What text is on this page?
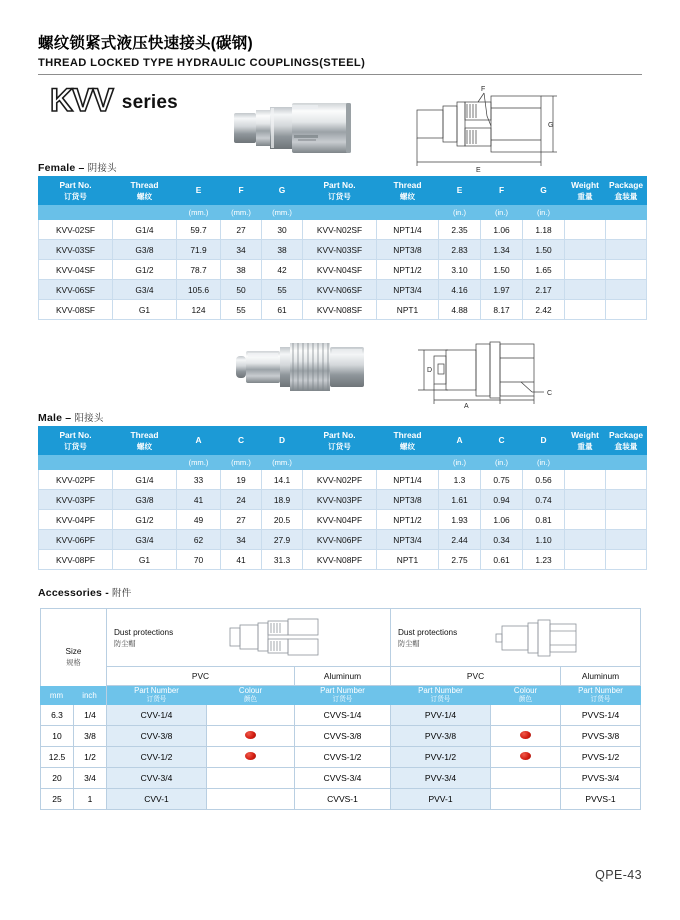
螺纹锁紧式液压快速接头(碳钢)
THREAD LOCKED TYPE HYDRAULIC COUPLINGS(STEEL)
KVV series
F
G
E
Female – 阴接头
Part No.
订货号	Thread
螺纹	E	F	G	Part No.
订货号	Thread
螺纹	E	F	G	Weight
重量	Package
盒装量

		(mm.)	(mm.)	(mm.)			(in.)	(in.)	(in.)		
KVV-02SF	G1/4	59.7	27	30	KVV-N02SF	NPT1/4	2.35	1.06	1.18		
KVV-03SF	G3/8	71.9	34	38	KVV-N03SF	NPT3/8	2.83	1.34	1.50		
KVV-04SF	G1/2	78.7	38	42	KVV-N04SF	NPT1/2	3.10	1.50	1.65		
KVV-06SF	G3/4	105.6	50	55	KVV-N06SF	NPT3/4	4.16	1.97	2.17		
KVV-08SF	G1	124	55	61	KVV-N08SF	NPT1	4.88	8.17	2.42		
D
A
C
Male – 阳接头
Part No.
订货号	Thread
螺纹	A	C	D	Part No.
订货号	Thread
螺纹	A	C	D	Weight
重量	Package
盒装量

		(mm.)	(mm.)	(mm.)			(in.)	(in.)	(in.)		
KVV-02PF	G1/4	33	19	14.1	KVV-N02PF	NPT1/4	1.3	0.75	0.56		
KVV-03PF	G3/8	41	24	18.9	KVV-N03PF	NPT3/8	1.61	0.94	0.74		
KVV-04PF	G1/2	49	27	20.5	KVV-N04PF	NPT1/2	1.93	1.06	0.81		
KVV-06PF	G3/4	62	34	27.9	KVV-N06PF	NPT3/4	2.44	0.34	1.10		
KVV-08PF	G1	70	41	31.3	KVV-N08PF	NPT1	2.75	0.61	1.23		
Accessories - 附件
Size
规格		Dust protections
防尘帽			Dust protections
防尘帽		

		PVC		Aluminum	PVC		Aluminum
		Part Number
订货号	Colour
颜色	Part Number
订货号	Part Number
订货号	Colour
颜色	Part Number
订货号

6.3	1/4	CVV-1/4		CVVS-1/4	PVV-1/4		PVVS-1/4
10	3/8	CVV-3/8		CVVS-3/8	PVV-3/8		PVVS-3/8
12.5	1/2	CVV-1/2		CVVS-1/2	PVV-1/2		PVVS-1/2
20	3/4	CVV-3/4		CVVS-3/4	PVV-3/4		PVVS-3/4
25	1	CVV-1		CVVS-1	PVV-1		PVVS-1
mm	inch
QPE-43
